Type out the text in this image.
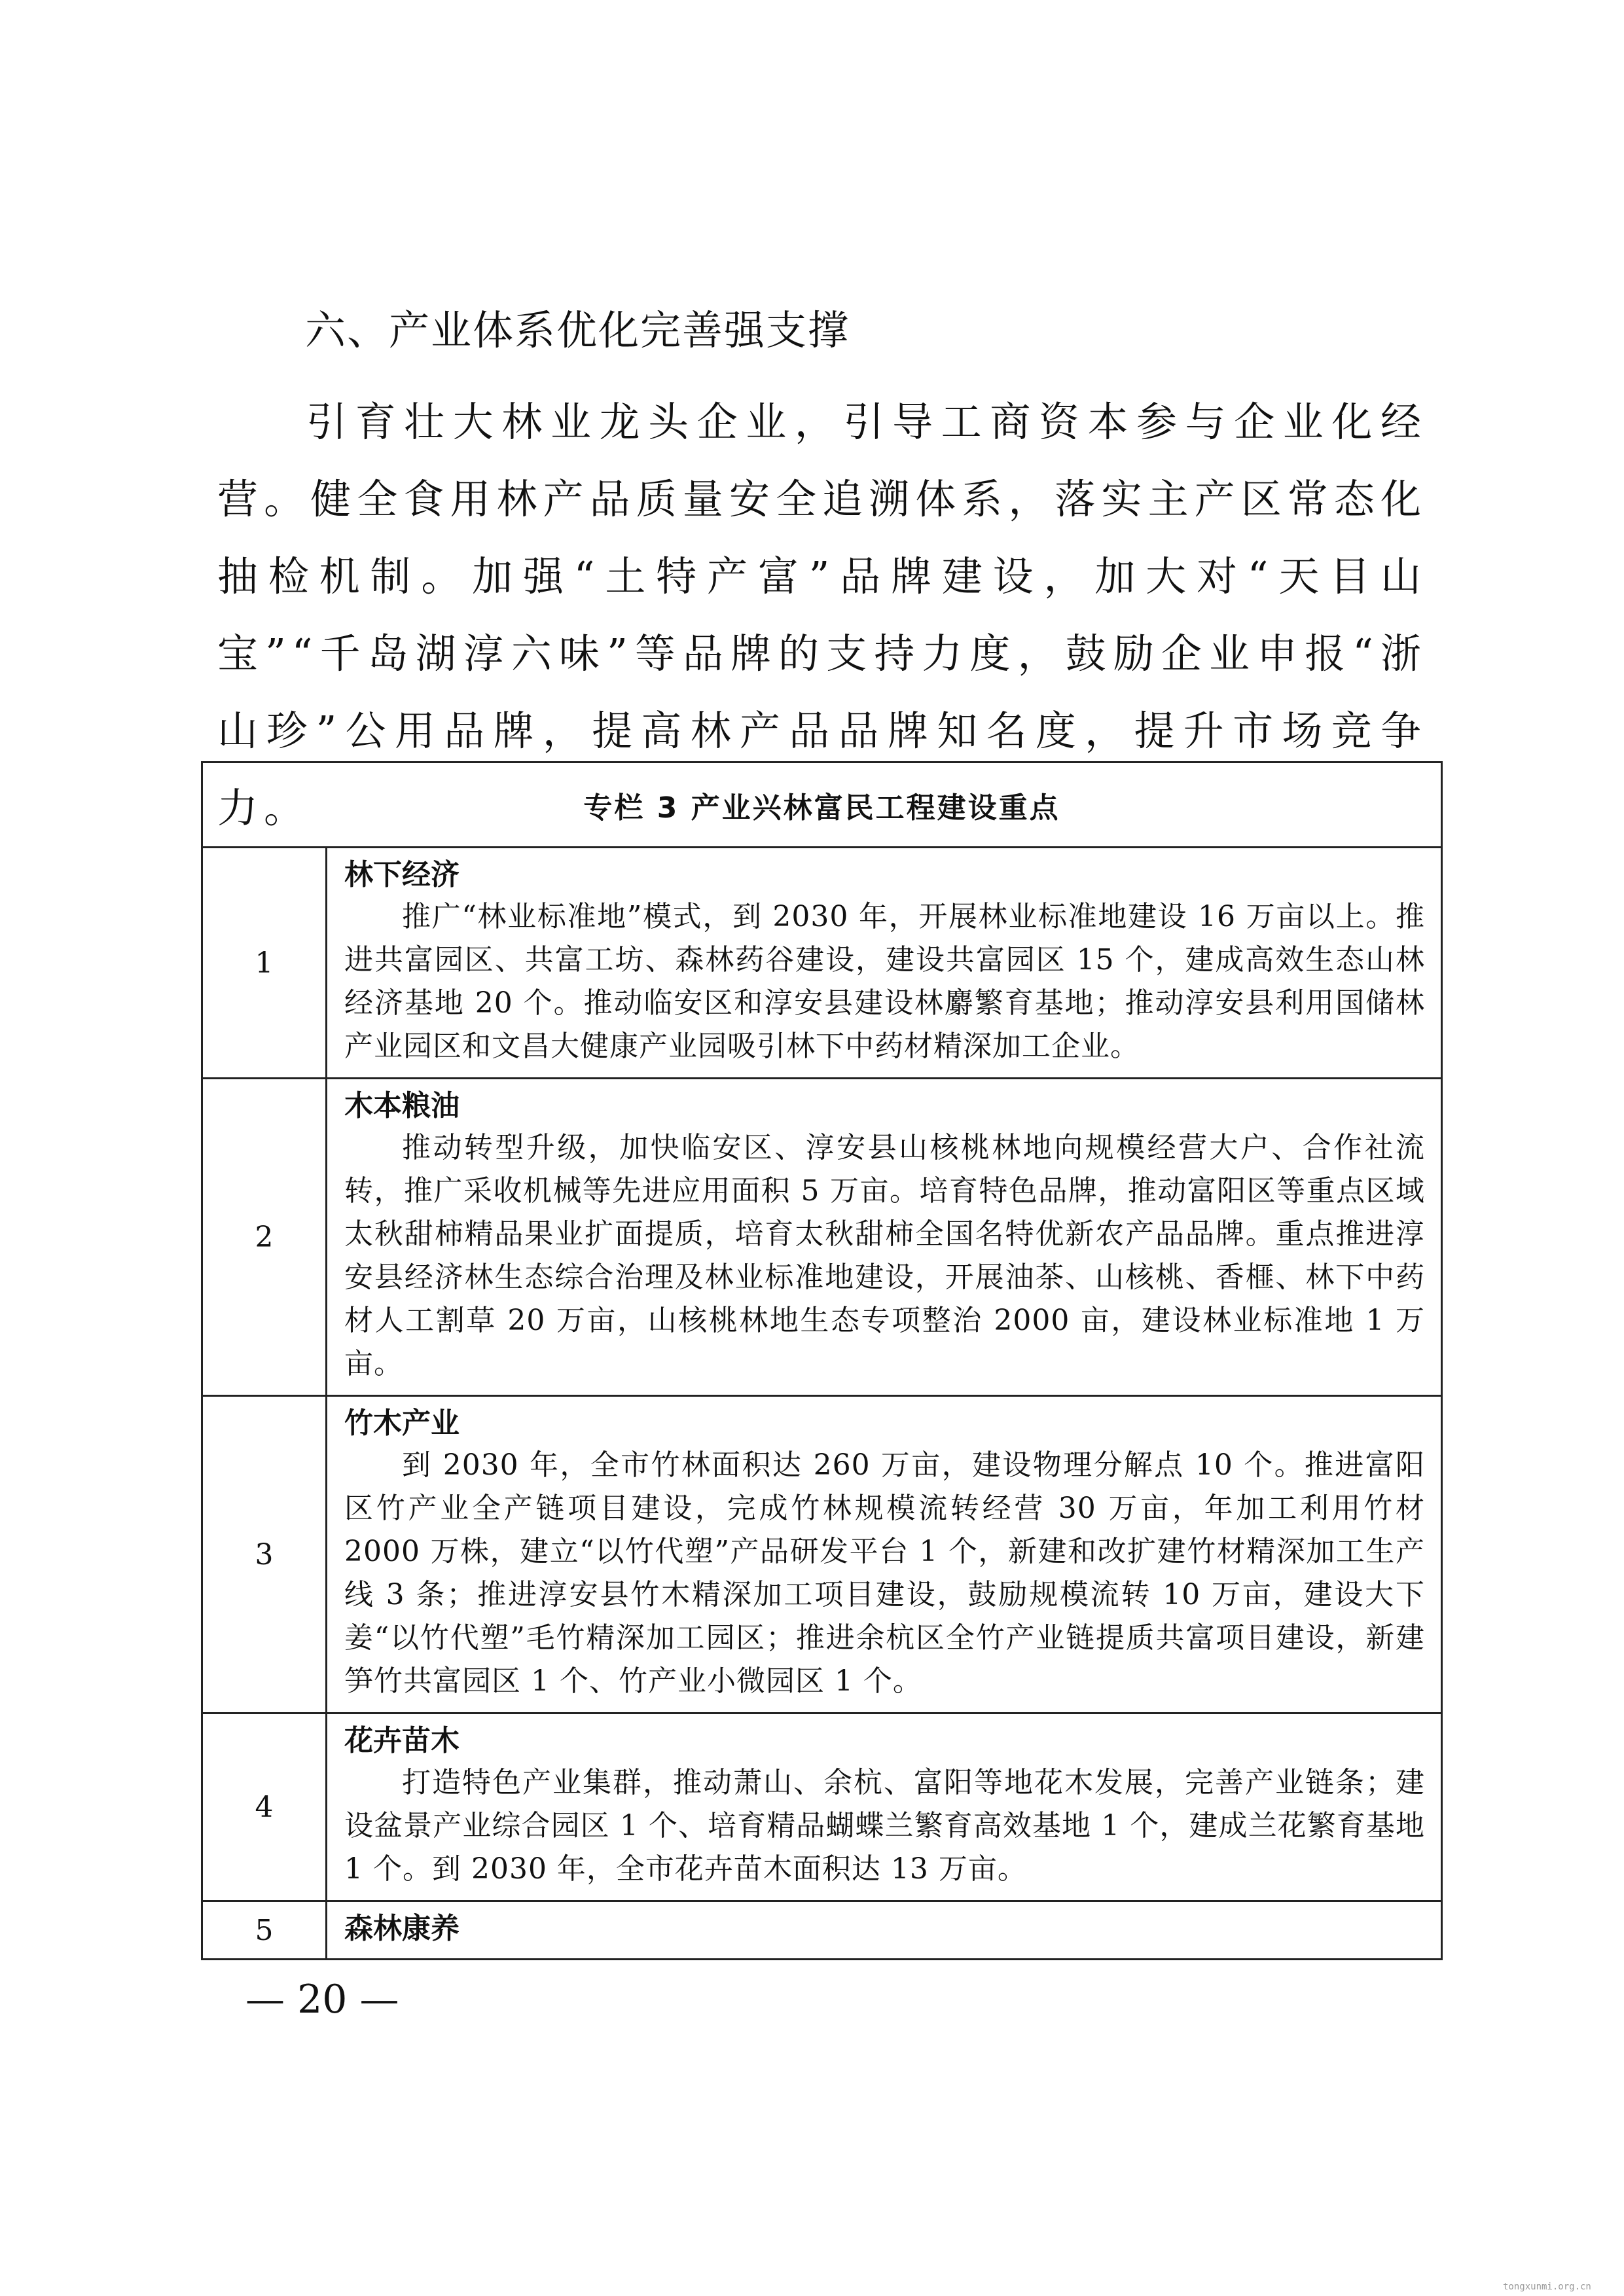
六、产业体系优化完善强支撑

引育壮大林业龙头企业，引导工商资本参与企业化经营。健全食用林产品质量安全追溯体系，落实主产区常态化抽检机制。加强“土特产富”品牌建设，加大对“天目山宝”“千岛湖淳六味”等品牌的支持力度，鼓励企业申报“浙山珍”公用品牌，提高林产品品牌知名度，提升市场竞争力。	专栏 3 产业兴林富民工程建设重点	
1	林下经济

推广“林业标准地”模式，到 2030 年，开展林业标准地建设 16 万亩以上。推进共富园区、共富工坊、森林药谷建设，建设共富园区 15 个，建成高效生态山林经济基地 20 个。推动临安区和淳安县建设林麝繁育基地；推动淳安县利用国储林产业园区和文昌大健康产业园吸引林下中药材精深加工企业。

2	木本粮油

推动转型升级，加快临安区、淳安县山核桃林地向规模经营大户、合作社流转，推广采收机械等先进应用面积 5 万亩。培育特色品牌，推动富阳区等重点区域太秋甜柿精品果业扩面提质，培育太秋甜柿全国名特优新农产品品牌。重点推进淳安县经济林生态综合治理及林业标准地建设，开展油茶、山核桃、香榧、林下中药材人工割草 20 万亩，山核桃林地生态专项整治 2000 亩，建设林业标准地 1 万亩。

3	竹木产业

到 2030 年，全市竹林面积达 260 万亩，建设物理分解点 10 个。推进富阳区竹产业全产链项目建设，完成竹林规模流转经营 30 万亩，年加工利用竹材 2000 万株，建立“以竹代塑”产品研发平台 1 个，新建和改扩建竹材精深加工生产线 3 条；推进淳安县竹木精深加工项目建设，鼓励规模流转 10 万亩，建设大下姜“以竹代塑”毛竹精深加工园区；推进余杭区全竹产业链提质共富项目建设，新建笋竹共富园区 1 个、竹产业小微园区 1 个。

4	花卉苗木

打造特色产业集群，推动萧山、余杭、富阳等地花木发展，完善产业链条；建设盆景产业综合园区 1 个、培育精品蝴蝶兰繁育高效基地 1 个，建成兰花繁育基地 1 个。到 2030 年，全市花卉苗木面积达 13 万亩。

5	森林康养

— 20 —

tongxunmi.org.cn
